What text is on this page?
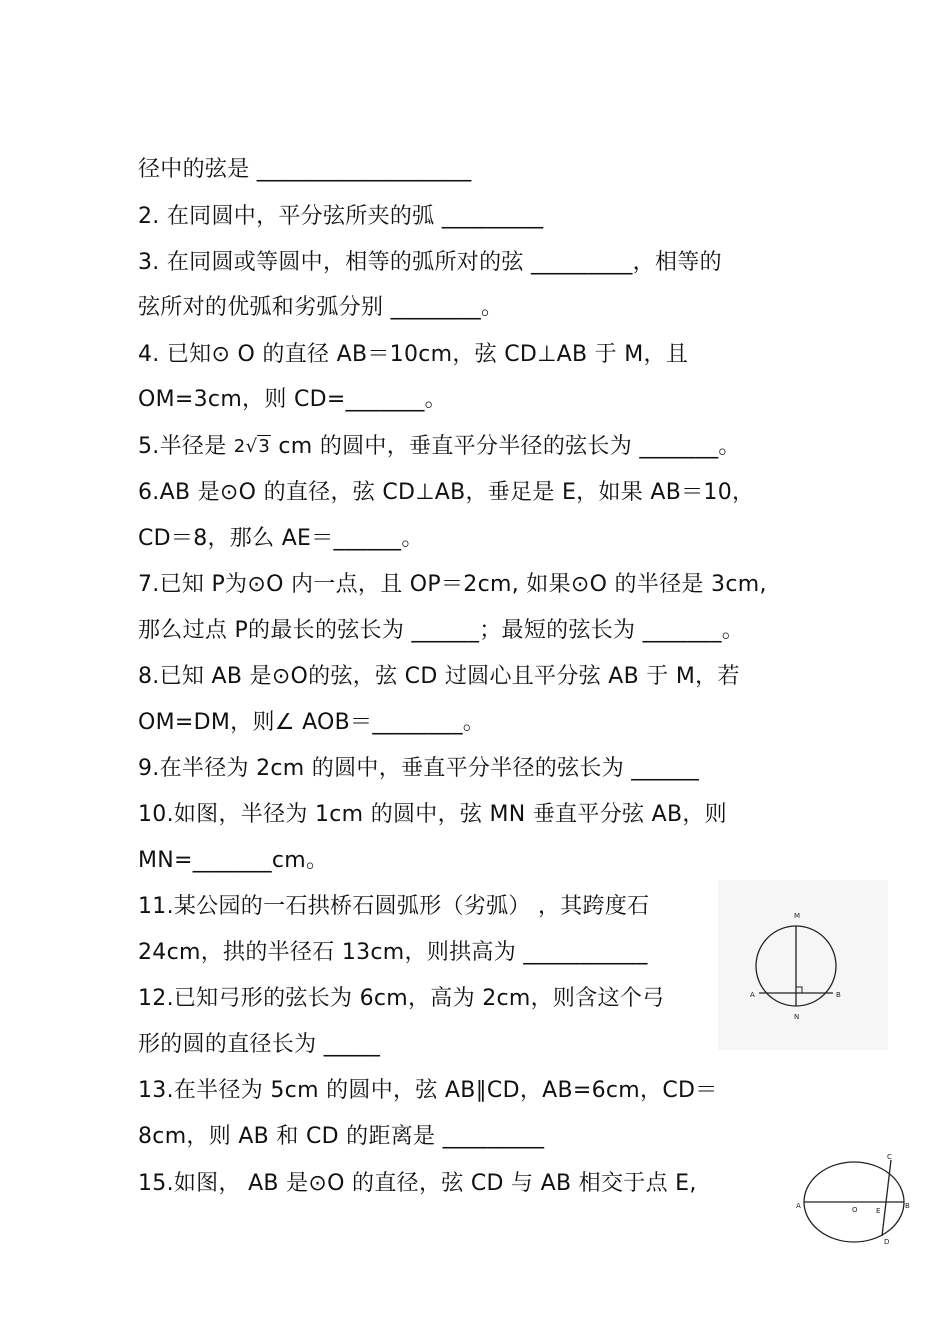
径中的弦是 ___________________
2. 在同圆中，平分弦所夹的弧 _________
3. 在同圆或等圆中，相等的弧所对的弦 _________，相等的
弦所对的优弧和劣弧分别 ________。
4. 已知⊙ O 的直径 AB＝10cm，弦 CD⊥AB 于 M，且
OM=3cm，则 CD=_______。
5.半径是 2√3 cm 的圆中，垂直平分半径的弦长为 _______。
6.AB 是⊙O 的直径，弦 CD⊥AB，垂足是 E，如果 AB＝10，
CD＝8，那么 AE＝______。
7.已知 P为⊙O 内一点，且 OP＝2cm, 如果⊙O 的半径是 3cm,
那么过点 P的最长的弦长为 ______；最短的弦长为 _______。
8.已知 AB 是⊙O的弦，弦 CD 过圆心且平分弦 AB 于 M，若
OM=DM，则∠ AOB＝________。
9.在半径为 2cm 的圆中，垂直平分半径的弦长为 ______
10.如图，半径为 1cm 的圆中，弦 MN 垂直平分弦 AB，则
MN=_______cm。
11.某公园的一石拱桥石圆弧形（劣弧） ，其跨度石
24cm，拱的半径石 13cm，则拱高为 ___________
12.已知弓形的弦长为 6cm，高为 2cm，则含这个弓
形的圆的直径长为 _____
13.在半径为 5cm 的圆中，弦 AB∥CD，AB=6cm，CD＝
8cm，则 AB 和 CD 的距离是 _________
15.如图， AB 是⊙O 的直径，弦 CD 与 AB 相交于点 E,
M
A	B
N
C
A	O	E
B
D
